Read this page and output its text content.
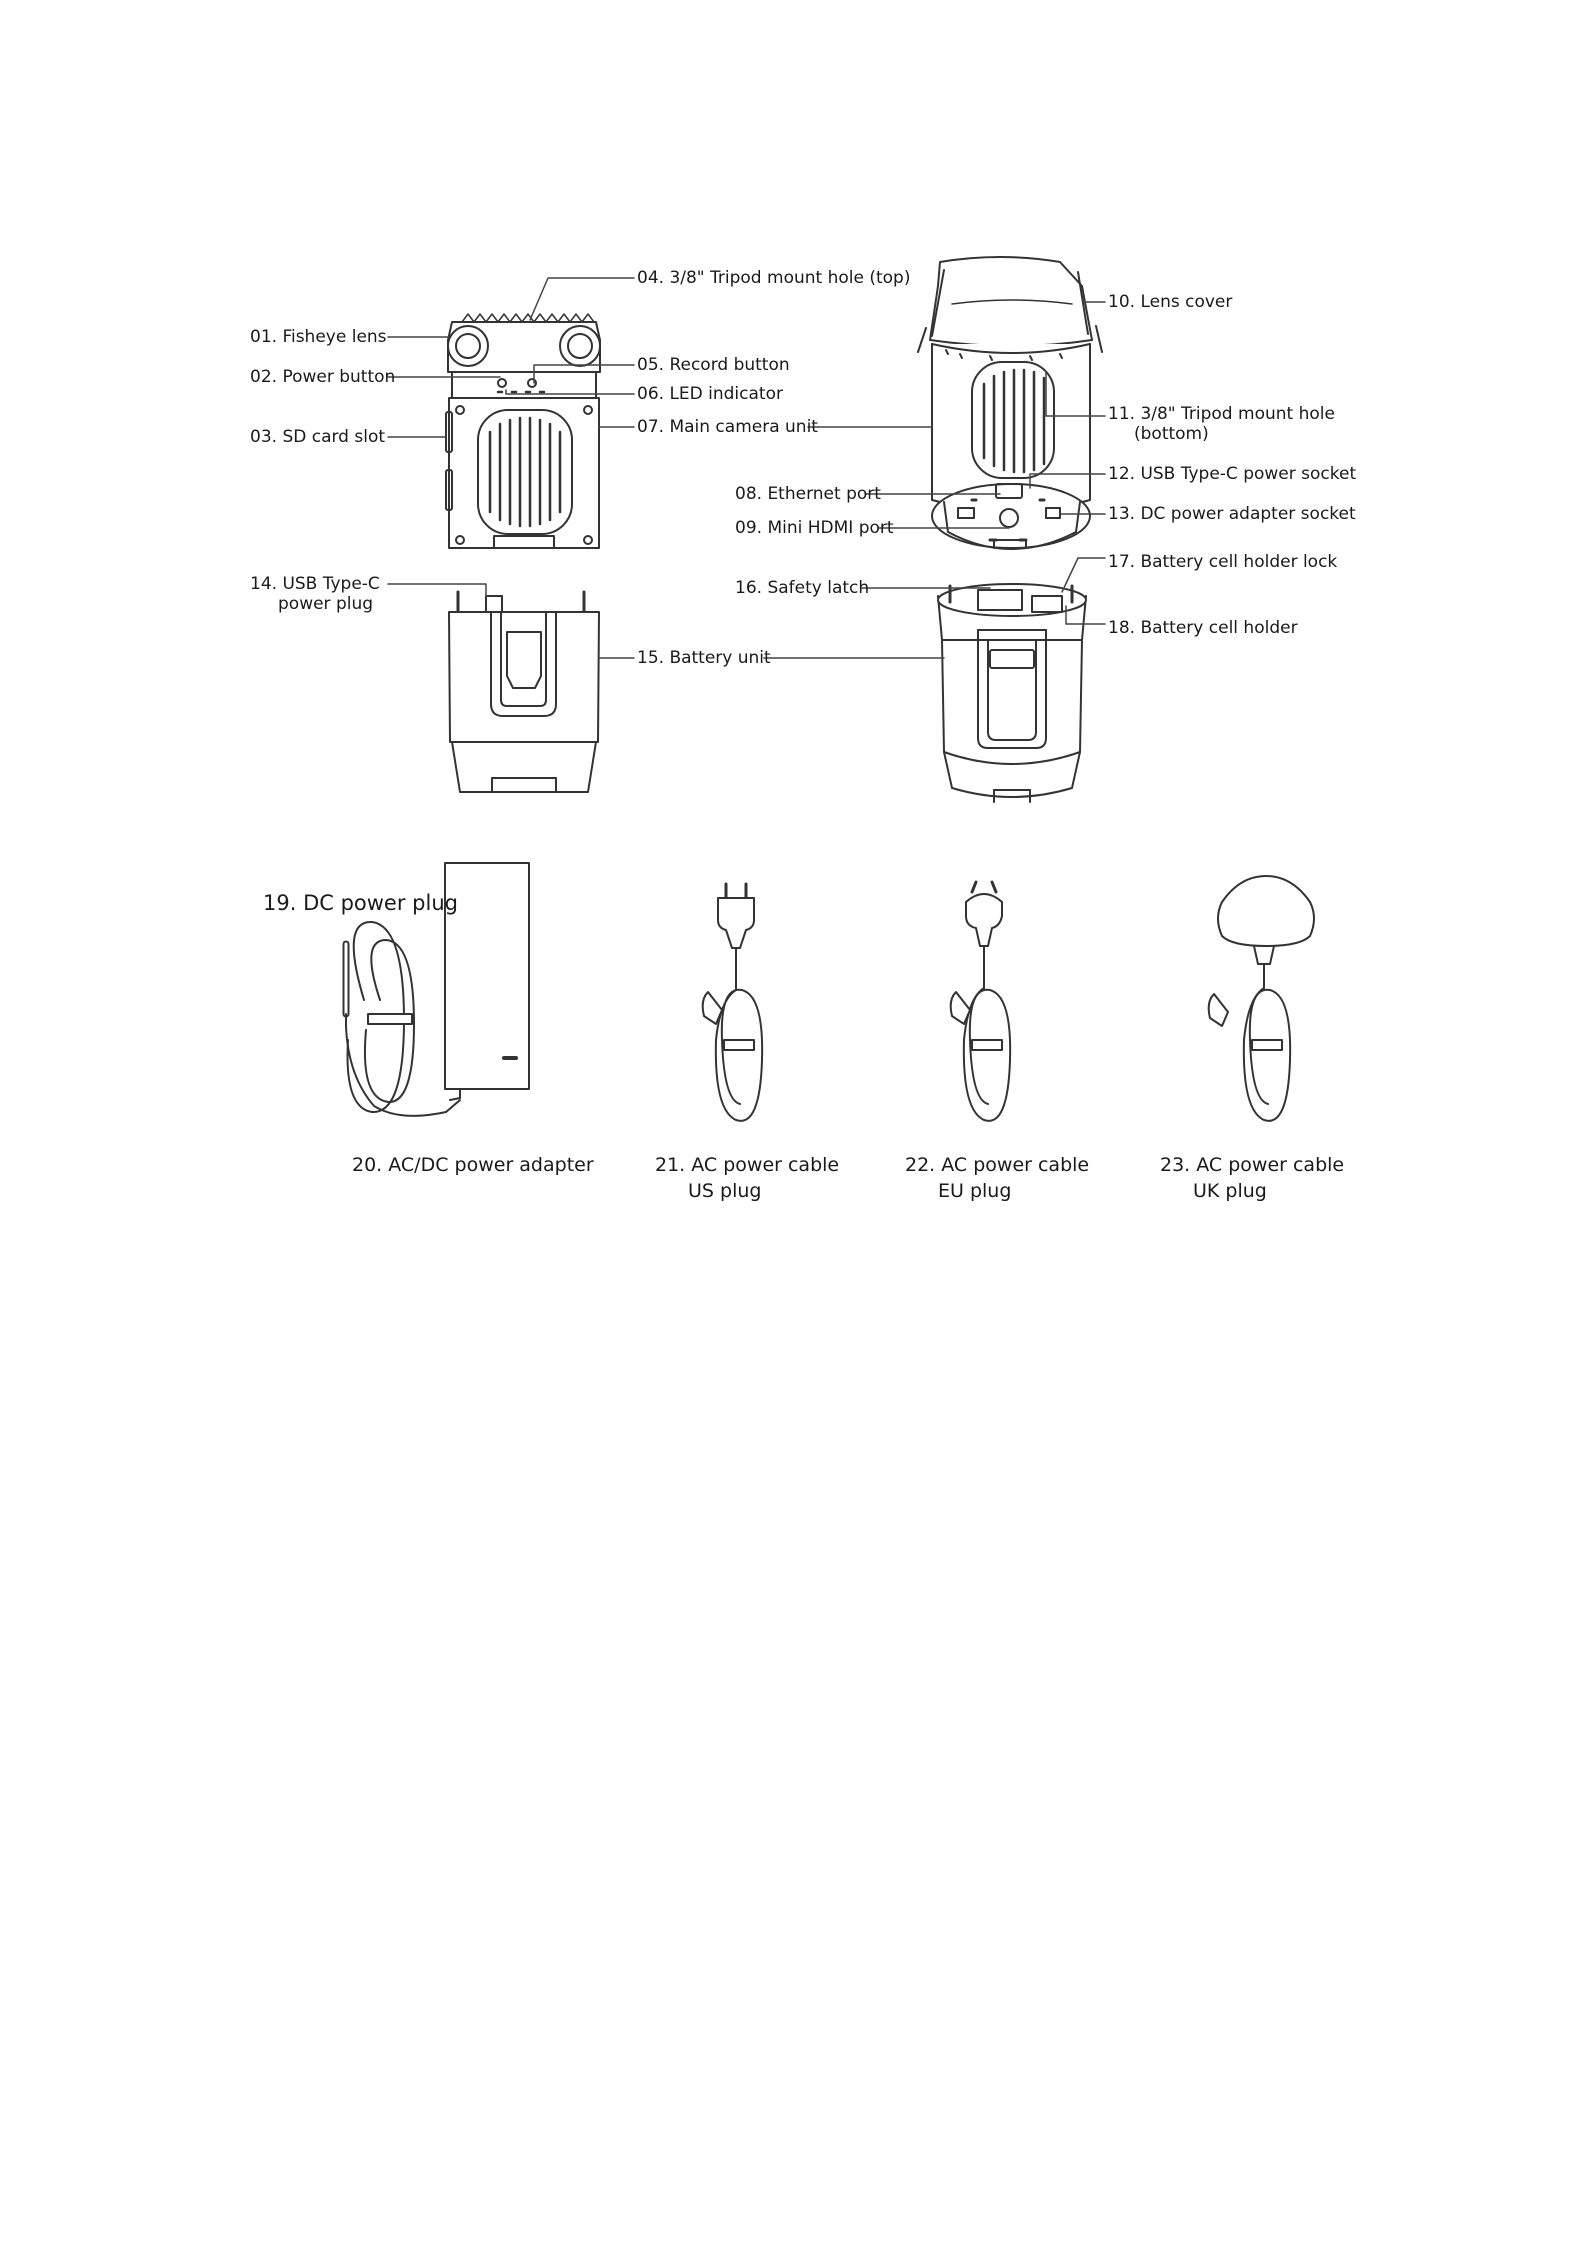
01. Fisheye lens
02. Power button
03. SD card slot
14. USB Type-C
power plug
04. 3/8" Tripod mount hole (top)
05. Record button
06. LED indicator
07. Main camera unit
15. Battery unit
08. Ethernet port
09. Mini HDMI port
16. Safety latch
10. Lens cover
11. 3/8" Tripod mount hole
(bottom)
12. USB Type-C power socket
13. DC power adapter socket
17. Battery cell holder lock
18. Battery cell holder
19. DC power plug
20. AC/DC power adapter	21. AC power cable
US plug
22. AC power cable
EU plug
23. AC power cable
UK plug
